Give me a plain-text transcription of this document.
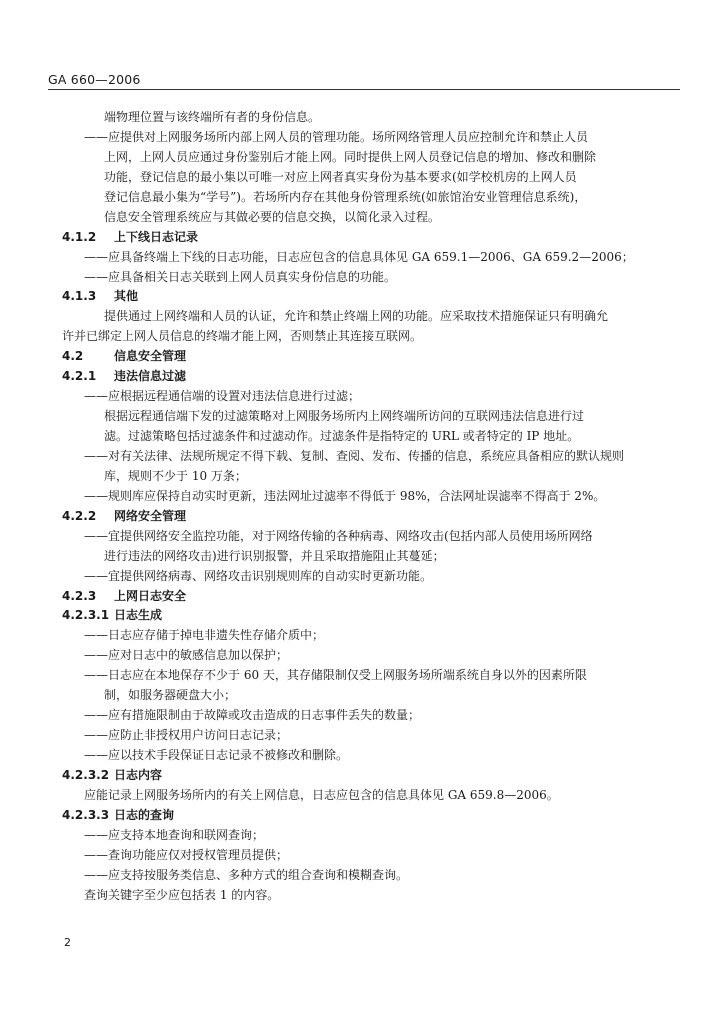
GA 660—2006
端物理位置与该终端所有者的身份信息。
——应提供对上网服务场所内部上网人员的管理功能。场所网络管理人员应控制允许和禁止人员
上网，上网人员应通过身份鉴别后才能上网。同时提供上网人员登记信息的增加、修改和删除
功能，登记信息的最小集以可唯一对应上网者真实身份为基本要求(如学校机房的上网人员
登记信息最小集为“学号”)。若场所内存在其他身份管理系统(如旅馆治安业管理信息系统)，
信息安全管理系统应与其做必要的信息交换，以简化录入过程。
4.1.2 上下线日志记录
——应具备终端上下线的日志功能，日志应包含的信息具体见 GA 659.1—2006、GA 659.2—2006；
——应具备相关日志关联到上网人员真实身份信息的功能。
4.1.3 其他
提供通过上网终端和人员的认证，允许和禁止终端上网的功能。应采取技术措施保证只有明确允
许并已绑定上网人员信息的终端才能上网，否则禁止其连接互联网。
4.2	信息安全管理
4.2.1 违法信息过滤
——应根据远程通信端的设置对违法信息进行过滤；
根据远程通信端下发的过滤策略对上网服务场所内上网终端所访问的互联网违法信息进行过
滤。过滤策略包括过滤条件和过滤动作。过滤条件是指特定的 URL 或者特定的 IP 地址。
——对有关法律、法规所规定不得下载、复制、查阅、发布、传播的信息，系统应具备相应的默认规则
库，规则不少于 10 万条；
——规则库应保持自动实时更新，违法网址过滤率不得低于 98%，合法网址误滤率不得高于 2%。
4.2.2 网络安全管理
——宜提供网络安全监控功能，对于网络传输的各种病毒、网络攻击(包括内部人员使用场所网络
进行违法的网络攻击)进行识别报警，并且采取措施阻止其蔓延；
——宜提供网络病毒、网络攻击识别规则库的自动实时更新功能。
4.2.3 上网日志安全
4.2.3.1 日志生成
——日志应存储于掉电非遗失性存储介质中；
——应对日志中的敏感信息加以保护；
——日志应在本地保存不少于 60 天，其存储限制仅受上网服务场所端系统自身以外的因素所限
制，如服务器硬盘大小；
——应有措施限制由于故障或攻击造成的日志事件丢失的数量；
——应防止非授权用户访问日志记录；
——应以技术手段保证日志记录不被修改和删除。
4.2.3.2 日志内容
应能记录上网服务场所内的有关上网信息，日志应包含的信息具体见 GA 659.8—2006。
4.2.3.3 日志的查询
——应支持本地查询和联网查询；
——查询功能应仅对授权管理员提供；
——应支持按服务类信息、多种方式的组合查询和模糊查询。
查询关键字至少应包括表 1 的内容。
2
